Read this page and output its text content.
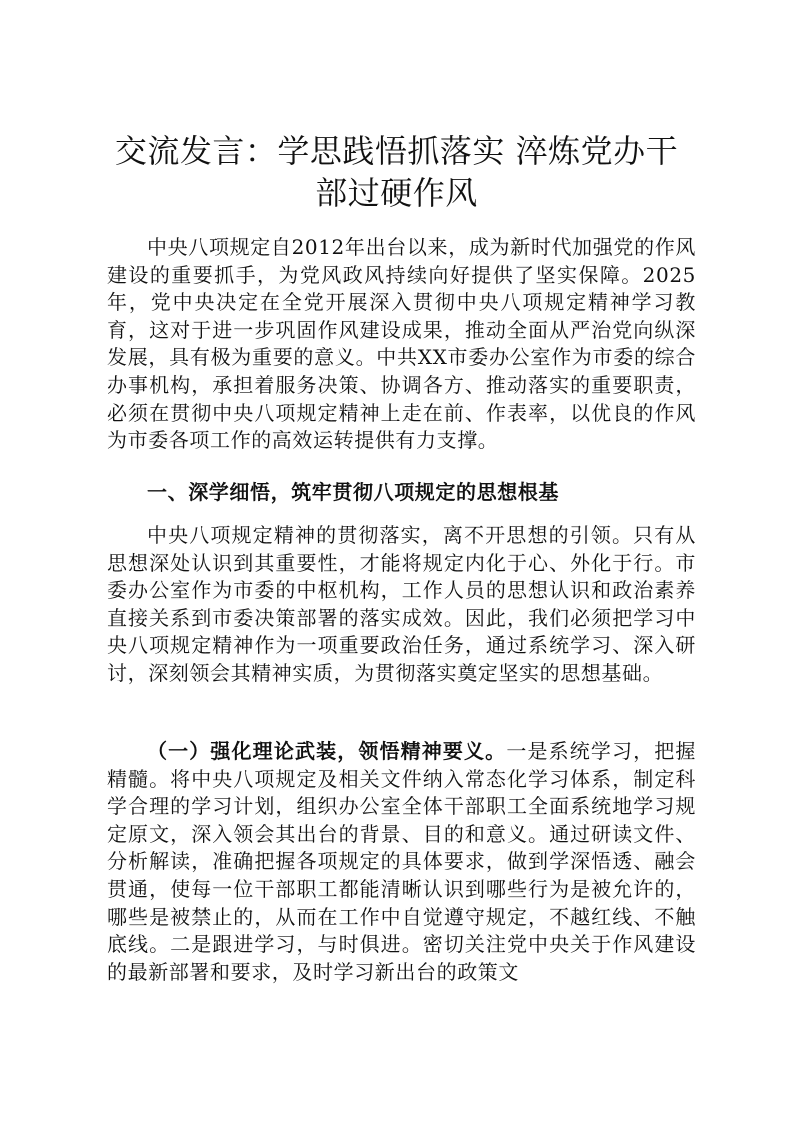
交流发言：学思践悟抓落实 淬炼党办干部过硬作风

中央八项规定自2012年出台以来，成为新时代加强党的作风建设的重要抓手，为党风政风持续向好提供了坚实保障。2025年，党中央决定在全党开展深入贯彻中央八项规定精神学习教育，这对于进一步巩固作风建设成果，推动全面从严治党向纵深发展，具有极为重要的意义。中共XX市委办公室作为市委的综合办事机构，承担着服务决策、协调各方、推动落实的重要职责，必须在贯彻中央八项规定精神上走在前、作表率，以优良的作风为市委各项工作的高效运转提供有力支撑。

一、深学细悟，筑牢贯彻八项规定的思想根基

中央八项规定精神的贯彻落实，离不开思想的引领。只有从思想深处认识到其重要性，才能将规定内化于心、外化于行。市委办公室作为市委的中枢机构，工作人员的思想认识和政治素养直接关系到市委决策部署的落实成效。因此，我们必须把学习中央八项规定精神作为一项重要政治任务，通过系统学习、深入研讨，深刻领会其精神实质，为贯彻落实奠定坚实的思想基础。

（一）强化理论武装，领悟精神要义。一是系统学习，把握精髓。将中央八项规定及相关文件纳入常态化学习体系，制定科学合理的学习计划，组织办公室全体干部职工全面系统地学习规定原文，深入领会其出台的背景、目的和意义。通过研读文件、分析解读，准确把握各项规定的具体要求，做到学深悟透、融会贯通，使每一位干部职工都能清晰认识到哪些行为是被允许的，哪些是被禁止的，从而在工作中自觉遵守规定，不越红线、不触底线。二是跟进学习，与时俱进。密切关注党中央关于作风建设的最新部署和要求，及时学习新出台的政策文
